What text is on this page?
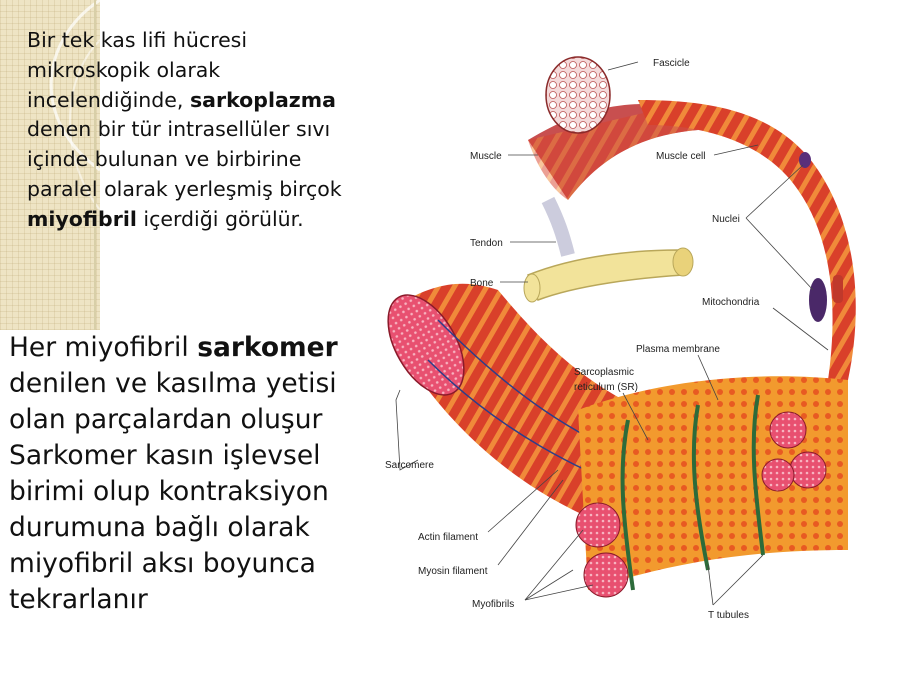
Bir tek kas lifi hücresi mikroskopik olarak incelendiğinde, sarkoplazma denen bir tür intrasellüler sıvı içinde bulunan ve birbirine paralel olarak yerleşmiş birçok miyofibril içerdiği görülür.

Her miyofibril sarkomer denilen ve kasılma yetisi olan parçalardan oluşur Sarkomer kasın işlevsel birimi olup kontraksiyon durumuna bağlı olarak miyofibril aksı boyunca tekrarlanır

Fascicle
Muscle	Muscle cell
Nuclei
Tendon
Bone
Mitochondria
Plasma membrane
Sarcoplasmic
reticulum (SR)
Sarcomere
Actin filament
Myosin filament
Myofibrils
T tubules
